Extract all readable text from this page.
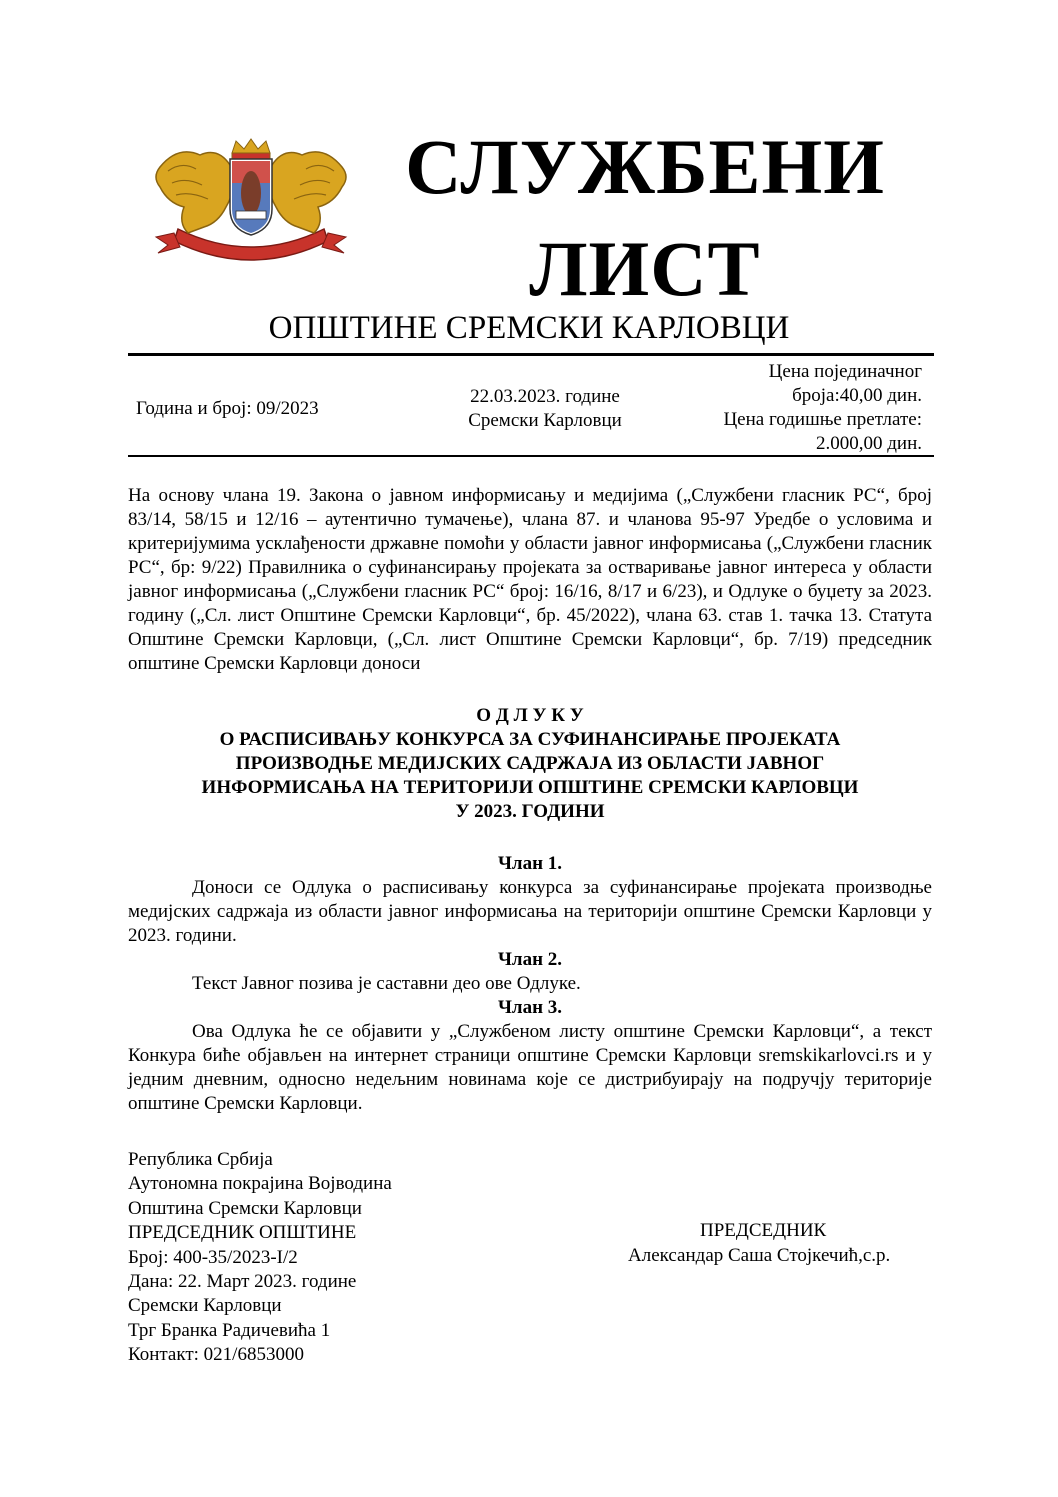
СЛУЖБЕНИ
ЛИСТ
ОПШТИНЕ СРЕМСКИ КАРЛОВЦИ
Година и број: 09/2023
22.03.2023. године
Сремски Карловци
Цена појединачног
броја:40,00 дин.
Цена годишње претлате:
2.000,00 дин.
На основу члана 19. Закона о јавном информисању и медијима („Службени гласник РС“, број 83/14, 58/15 и 12/16 – аутентично тумачење), члана 87. и чланова 95-97 Уредбе о условима и критеријумима усклађености државне помоћи у области јавног информисања („Службени гласник РС“, бр: 9/22) Правилника о суфинансирању пројеката за остваривање јавног интереса у области јавног информисања („Службени гласник РС“ број: 16/16, 8/17 и 6/23), и Одлуке о буџету за 2023. годину („Сл. лист Општине Сремски Карловци“, бр. 45/2022), члана 63. став 1. тачка 13. Статута Општине Сремски Карловци, („Сл. лист Општине Сремски Карловци“, бр. 7/19) председник општине Сремски Карловци доноси
О Д Л У К У
О РАСПИСИВАЊУ КОНКУРСА ЗА СУФИНАНСИРАЊЕ ПРОЈЕКАТА
ПРОИЗВОДЊЕ МЕДИЈСКИХ САДРЖАЈА ИЗ ОБЛАСТИ ЈАВНОГ
ИНФОРМИСАЊА НА ТЕРИТОРИЈИ ОПШТИНЕ СРЕМСКИ КАРЛОВЦИ
У 2023. ГОДИНИ
Члан 1.
Доноси се Одлука о расписивању конкурса за суфинансирање пројеката производње медијских садржаја из области јавног информисања на територији општине Сремски Карловци у 2023. години.
Члан 2.
Текст Јавног позива је саставни део ове Одлуке.
Члан 3.
Ова Одлука ће се објавити у „Службеном листу општине Сремски Карловци“, а текст Конкура биће објављен на интернет страници општине Сремски Карловци sremskikarlovci.rs и у једним дневним, односно недељним новинама које се дистрибуирају на подручју територије општине Сремски Карловци.
Република Србија
Аутономна покрајина Војводина
Општина Сремски Карловци
ПРЕДСЕДНИК ОПШТИНЕ
Број: 400-35/2023-I/2
Дана: 22. Март 2023. године
Сремски Карловци
Трг Бранка Радичевића 1
Контакт: 021/6853000
ПРЕДСЕДНИК
Александар Саша Стојкечић,с.р.
